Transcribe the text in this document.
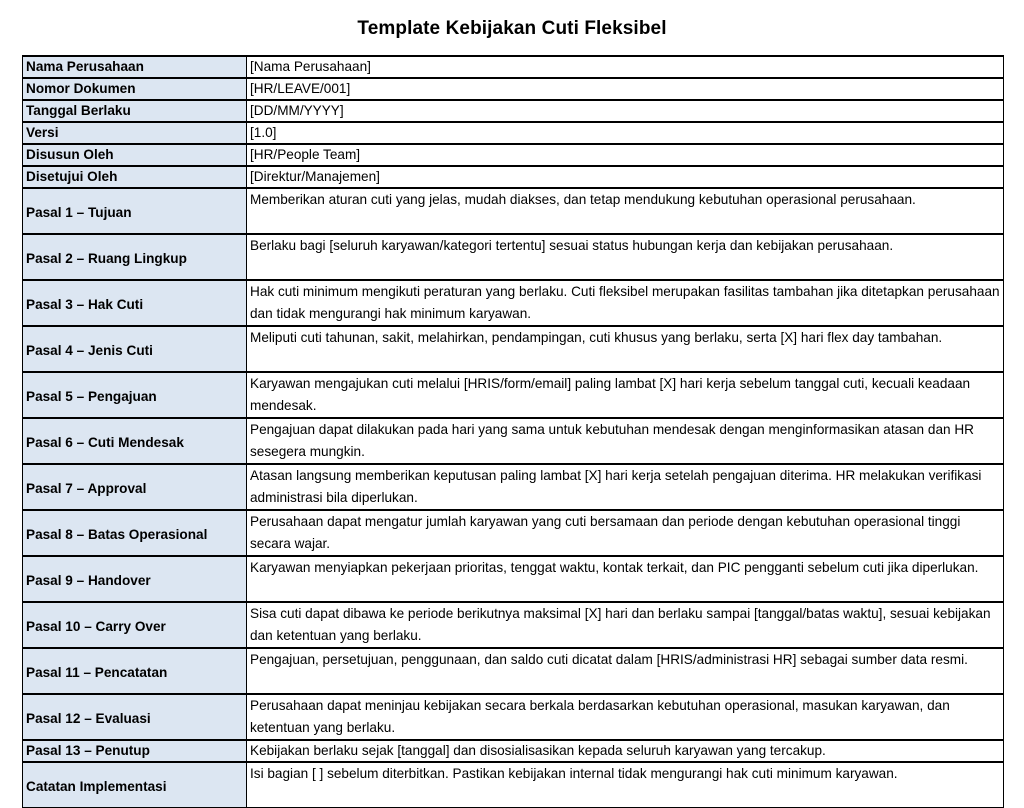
Template Kebijakan Cuti Fleksibel
Nama Perusahaan	[Nama Perusahaan]
Nomor Dokumen	[HR/LEAVE/001]
Tanggal Berlaku	[DD/MM/YYYY]
Versi	[1.0]
Disusun Oleh	[HR/People Team]
Disetujui Oleh	[Direktur/Manajemen]
Pasal 1 – Tujuan	Memberikan aturan cuti yang jelas, mudah diakses, dan tetap mendukung kebutuhan operasional perusahaan.
Pasal 2 – Ruang Lingkup	Berlaku bagi [seluruh karyawan/kategori tertentu] sesuai status hubungan kerja dan kebijakan perusahaan.
Pasal 3 – Hak Cuti	Hak cuti minimum mengikuti peraturan yang berlaku. Cuti fleksibel merupakan fasilitas tambahan jika ditetapkan perusahaan dan tidak mengurangi hak minimum karyawan.
Pasal 4 – Jenis Cuti	Meliputi cuti tahunan, sakit, melahirkan, pendampingan, cuti khusus yang berlaku, serta [X] hari flex day tambahan.
Pasal 5 – Pengajuan	Karyawan mengajukan cuti melalui [HRIS/form/email] paling lambat [X] hari kerja sebelum tanggal cuti, kecuali keadaan mendesak.
Pasal 6 – Cuti Mendesak	Pengajuan dapat dilakukan pada hari yang sama untuk kebutuhan mendesak dengan menginformasikan atasan dan HR sesegera mungkin.
Pasal 7 – Approval	Atasan langsung memberikan keputusan paling lambat [X] hari kerja setelah pengajuan diterima. HR melakukan verifikasi administrasi bila diperlukan.
Pasal 8 – Batas Operasional	Perusahaan dapat mengatur jumlah karyawan yang cuti bersamaan dan periode dengan kebutuhan operasional tinggi secara wajar.
Pasal 9 – Handover	Karyawan menyiapkan pekerjaan prioritas, tenggat waktu, kontak terkait, dan PIC pengganti sebelum cuti jika diperlukan.
Pasal 10 – Carry Over	Sisa cuti dapat dibawa ke periode berikutnya maksimal [X] hari dan berlaku sampai [tanggal/batas waktu], sesuai kebijakan dan ketentuan yang berlaku.
Pasal 11 – Pencatatan	Pengajuan, persetujuan, penggunaan, dan saldo cuti dicatat dalam [HRIS/administrasi HR] sebagai sumber data resmi.
Pasal 12 – Evaluasi	Perusahaan dapat meninjau kebijakan secara berkala berdasarkan kebutuhan operasional, masukan karyawan, dan ketentuan yang berlaku.
Pasal 13 – Penutup	Kebijakan berlaku sejak [tanggal] dan disosialisasikan kepada seluruh karyawan yang tercakup.
Catatan Implementasi	Isi bagian [ ] sebelum diterbitkan. Pastikan kebijakan internal tidak mengurangi hak cuti minimum karyawan.
